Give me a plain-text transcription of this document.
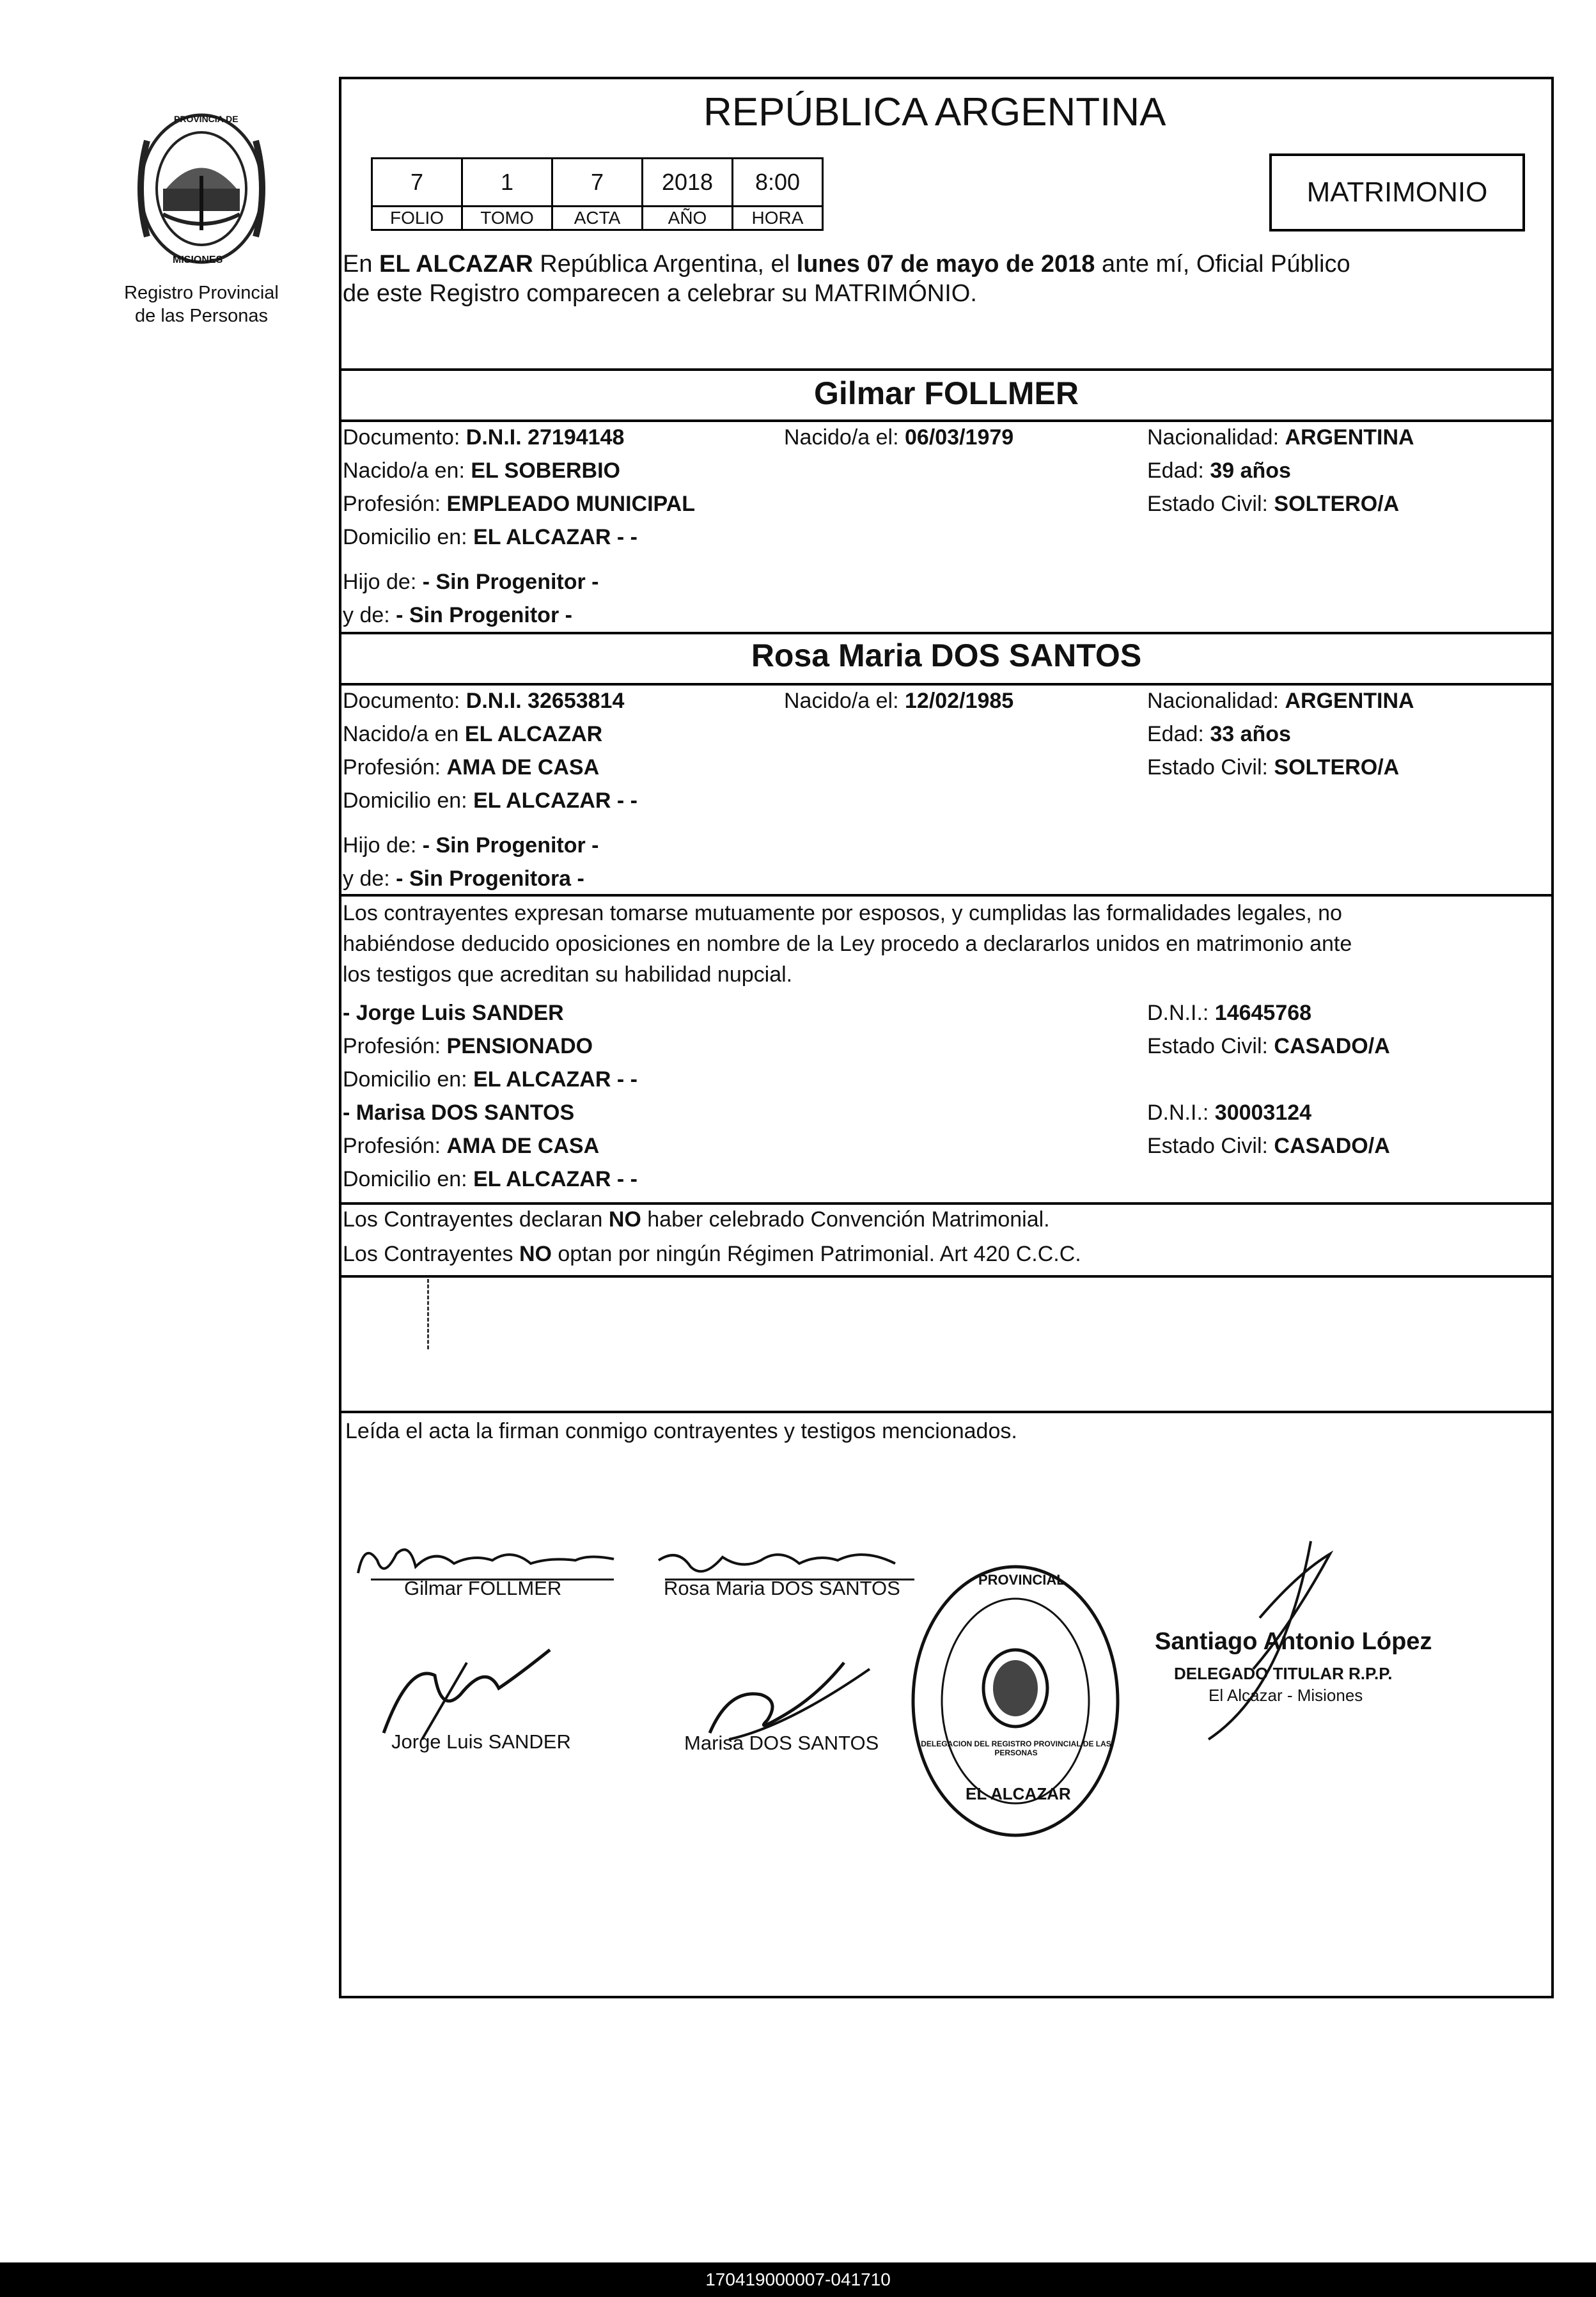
PROVINCIA DE
MISIONES
Registro Provincial
de las Personas
REPÚBLICA ARGENTINA
7	1	7	2018	8:00
FOLIO	TOMO	ACTA	AÑO	HORA
MATRIMONIO
En EL ALCAZAR República Argentina, el lunes 07 de mayo de 2018 ante mí, Oficial Público
de este Registro comparecen a celebrar su MATRIMÓNIO.
Gilmar FOLLMER
Documento: D.N.I. 27194148	Nacido/a el: 06/03/1979	Nacionalidad: ARGENTINA
Nacido/a en: EL SOBERBIO	Edad: 39 años
Profesión: EMPLEADO MUNICIPAL	Estado Civil: SOLTERO/A
Domicilio en: EL ALCAZAR - -
Hijo de: - Sin Progenitor -
y de: - Sin Progenitor -
Rosa Maria DOS SANTOS
Documento: D.N.I. 32653814	Nacido/a el: 12/02/1985	Nacionalidad: ARGENTINA
Nacido/a en EL ALCAZAR	Edad: 33 años
Profesión: AMA DE CASA	Estado Civil: SOLTERO/A
Domicilio en: EL ALCAZAR - -
Hijo de: - Sin Progenitor -
y de: - Sin Progenitora -
Los contrayentes expresan tomarse mutuamente por esposos, y cumplidas las formalidades legales, no
habiéndose deducido oposiciones en nombre de la Ley procedo a declararlos unidos en matrimonio ante
los testigos que acreditan su habilidad nupcial.
- Jorge Luis SANDER	D.N.I.: 14645768
Profesión: PENSIONADO	Estado Civil: CASADO/A
Domicilio en: EL ALCAZAR - -
- Marisa DOS SANTOS	D.N.I.: 30003124
Profesión: AMA DE CASA	Estado Civil: CASADO/A
Domicilio en: EL ALCAZAR - -
Los Contrayentes declaran NO haber celebrado Convención Matrimonial.
Los Contrayentes NO optan por ningún Régimen Patrimonial. Art 420 C.C.C.
Leída el acta la firman conmigo contrayentes y testigos mencionados.
Gilmar FOLLMER	Rosa Maria DOS SANTOS
Jorge Luis SANDER	Marisa DOS SANTOS
PROVINCIAL
DELEGACION DEL REGISTRO PROVINCIAL DE LAS PERSONAS
EL ALCAZAR
Santiago Antonio López
DELEGADO TITULAR R.P.P.
El Alcazar - Misiones
170419000007-041710
